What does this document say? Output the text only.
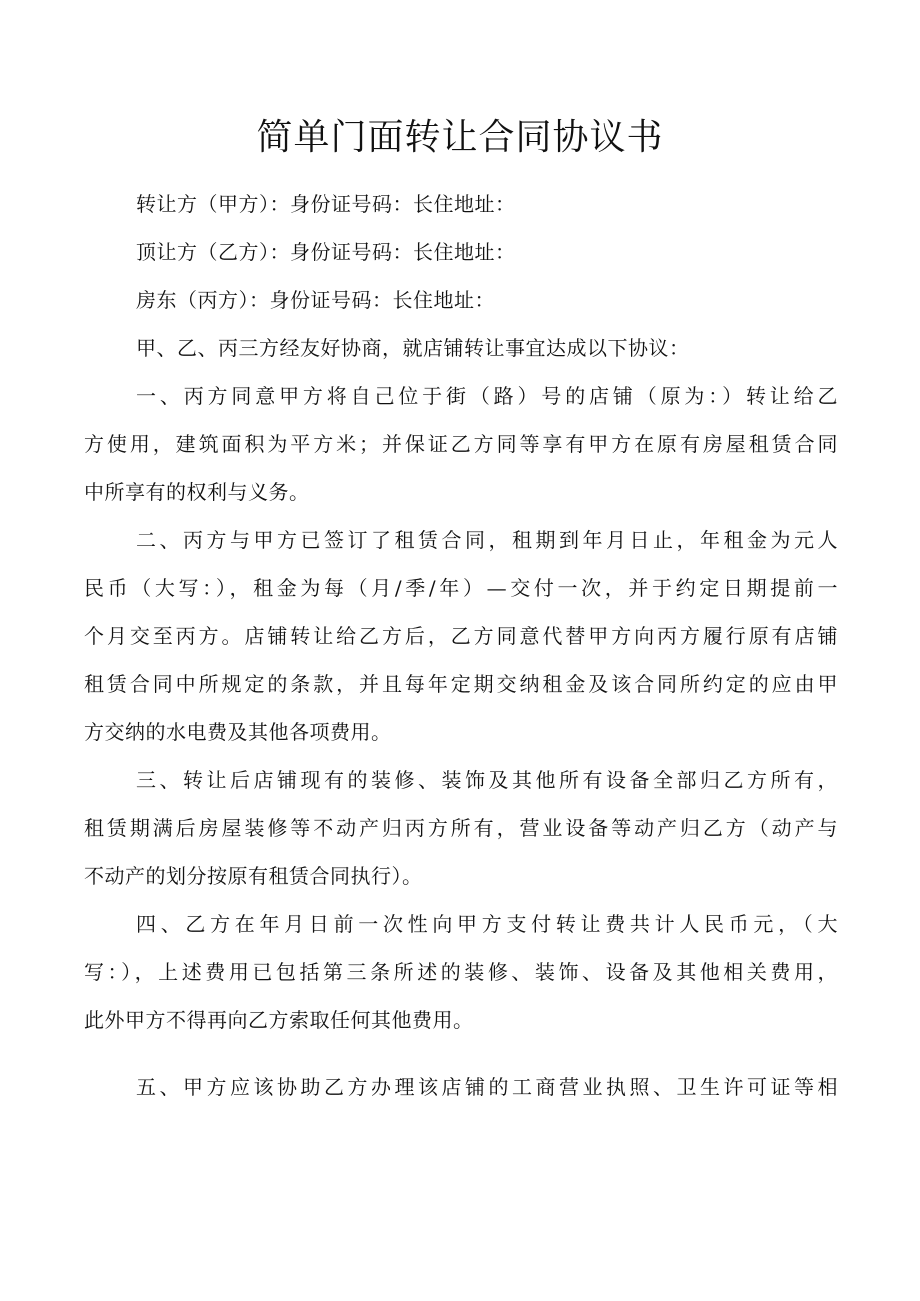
简单门面转让合同协议书

转让方（甲方）：身份证号码：长住地址：

顶让方（乙方）：身份证号码：长住地址：

房东（丙方）：身份证号码：长住地址：

甲、乙、丙三方经友好协商，就店铺转让事宜达成以下协议：

一、丙方同意甲方将自己位于街（路）号的店铺（原为：）转让给乙

方使用，建筑面积为平方米；并保证乙方同等享有甲方在原有房屋租赁合同

中所享有的权利与义务。

二、丙方与甲方已签订了租赁合同，租期到年月日止，年租金为元人

民币（大写：），租金为每（月/季/年）—交付一次，并于约定日期提前一

个月交至丙方。店铺转让给乙方后，乙方同意代替甲方向丙方履行原有店铺

租赁合同中所规定的条款，并且每年定期交纳租金及该合同所约定的应由甲

方交纳的水电费及其他各项费用。

三、转让后店铺现有的装修、装饰及其他所有设备全部归乙方所有，

租赁期满后房屋装修等不动产归丙方所有，营业设备等动产归乙方（动产与

不动产的划分按原有租赁合同执行）。

四、乙方在年月日前一次性向甲方支付转让费共计人民币元，（大

写：），上述费用已包括第三条所述的装修、装饰、设备及其他相关费用，

此外甲方不得再向乙方索取任何其他费用。

五、甲方应该协助乙方办理该店铺的工商营业执照、卫生许可证等相
